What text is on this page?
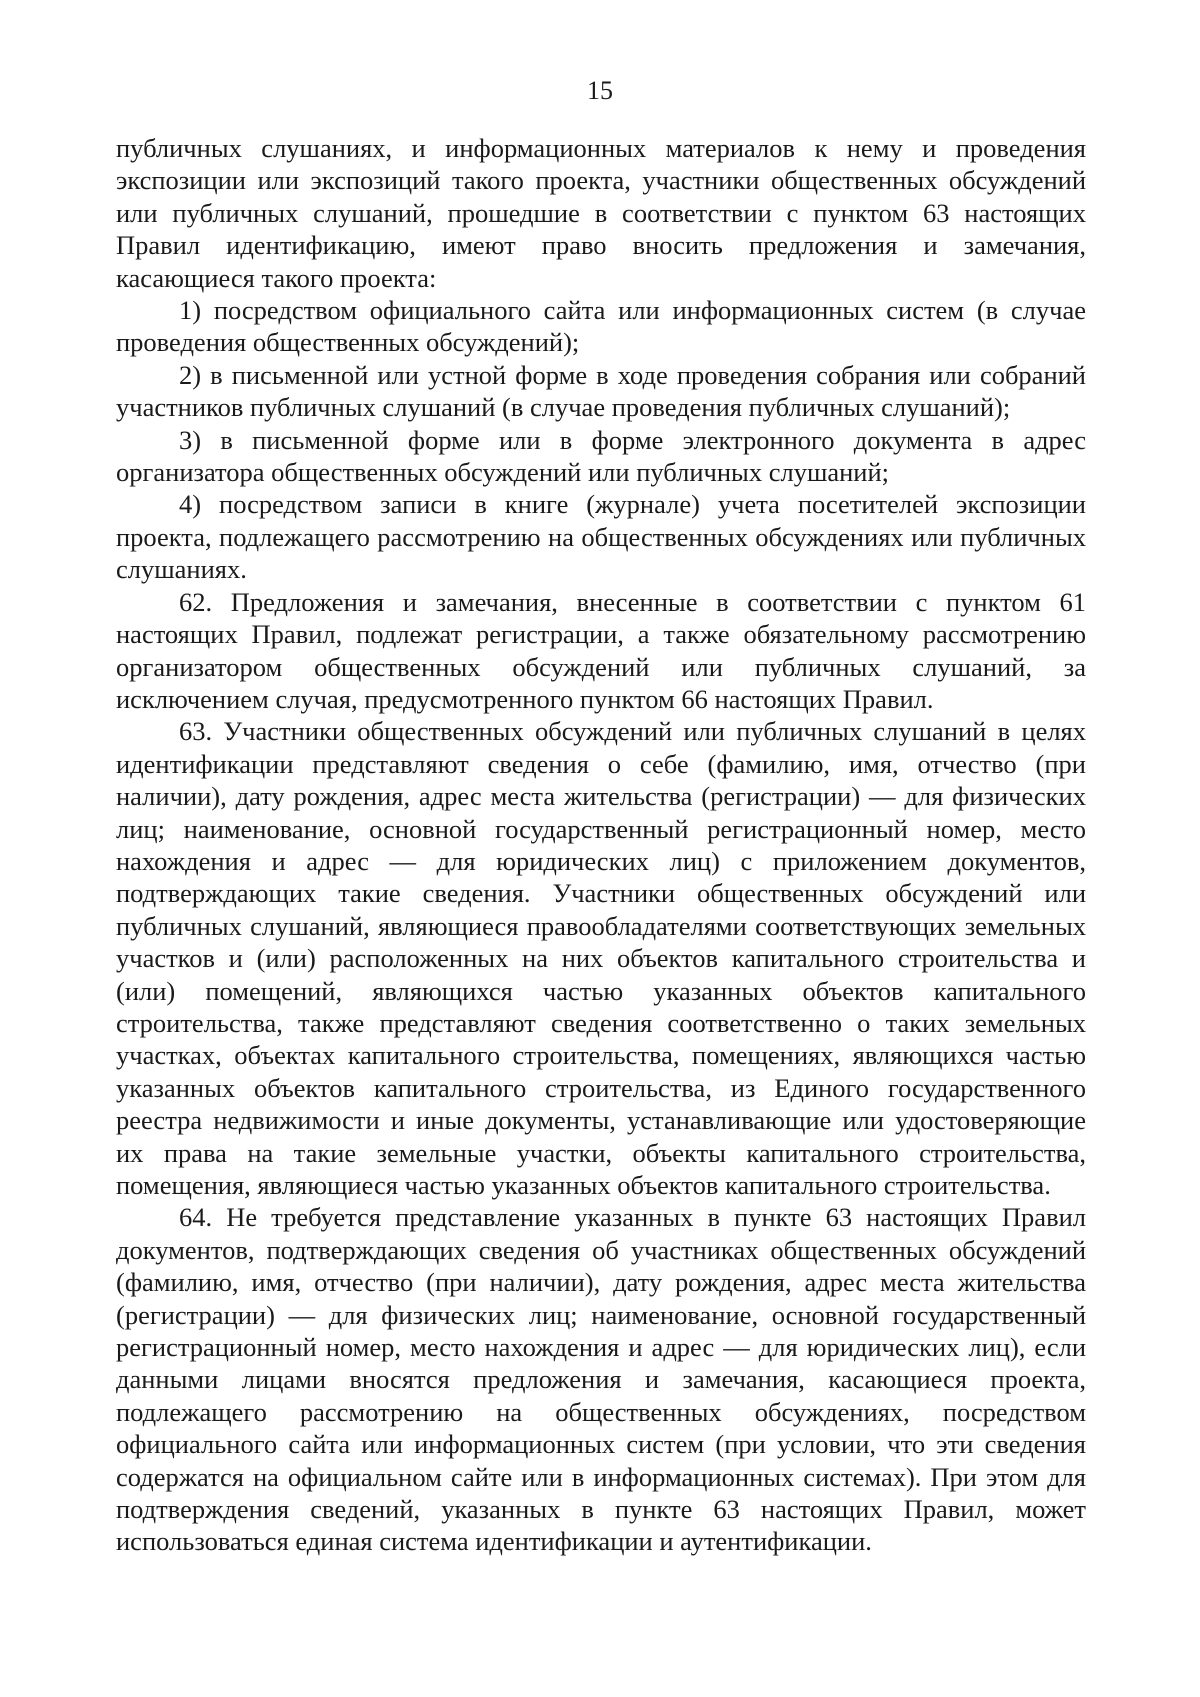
15

публичных слушаниях, и информационных материалов к нему и проведения экспозиции или экспозиций такого проекта, участники общественных обсуждений или публичных слушаний, прошедшие в соответствии с пунктом 63 настоящих Правил идентификацию, имеют право вносить предложения и замечания, касающиеся такого проекта:

1) посредством официального сайта или информационных систем (в случае проведения общественных обсуждений);

2) в письменной или устной форме в ходе проведения собрания или собраний участников публичных слушаний (в случае проведения публичных слушаний);

3) в письменной форме или в форме электронного документа в адрес организатора общественных обсуждений или публичных слушаний;

4) посредством записи в книге (журнале) учета посетителей экспозиции проекта, подлежащего рассмотрению на общественных обсуждениях или публичных слушаниях.

62. Предложения и замечания, внесенные в соответствии с пунктом 61 настоящих Правил, подлежат регистрации, а также обязательному рассмотрению организатором общественных обсуждений или публичных слушаний, за исключением случая, предусмотренного пунктом 66 настоящих Правил.

63. Участники общественных обсуждений или публичных слушаний в целях идентификации представляют сведения о себе (фамилию, имя, отчество (при наличии), дату рождения, адрес места жительства (регистрации) — для физических лиц; наименование, основной государственный регистрационный номер, место нахождения и адрес — для юридических лиц) с приложением документов, подтверждающих такие сведения. Участники общественных обсуждений или публичных слушаний, являющиеся правообладателями соответствующих земельных участков и (или) расположенных на них объектов капитального строительства и (или) помещений, являющихся частью указанных объектов капитального строительства, также представляют сведения соответственно о таких земельных участках, объектах капитального строительства, помещениях, являющихся частью указанных объектов капитального строительства, из Единого государственного реестра недвижимости и иные документы, устанавливающие или удостоверяющие их права на такие земельные участки, объекты капитального строительства, помещения, являющиеся частью указанных объектов капитального строительства.

64. Не требуется представление указанных в пункте 63 настоящих Правил документов, подтверждающих сведения об участниках общественных обсуждений (фамилию, имя, отчество (при наличии), дату рождения, адрес места жительства (регистрации) — для физических лиц; наименование, основной государственный регистрационный номер, место нахождения и адрес — для юридических лиц), если данными лицами вносятся предложения и замечания, касающиеся проекта, подлежащего рассмотрению на общественных обсуждениях, посредством официального сайта или информационных систем (при условии, что эти сведения содержатся на официальном сайте или в информационных системах). При этом для подтверждения сведений, указанных в пункте 63 настоящих Правил, может использоваться единая система идентификации и аутентификации.
